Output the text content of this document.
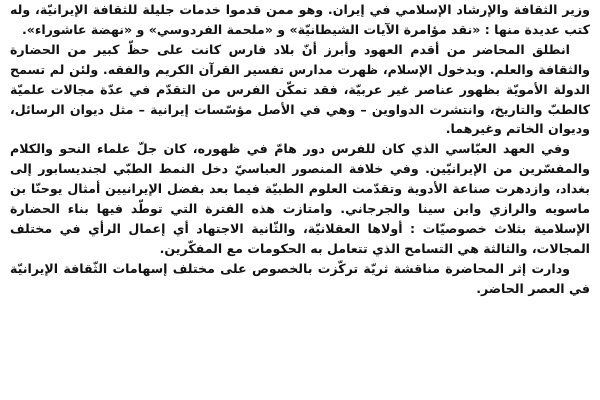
وزير الثقافة والإرشاد الإسلامي في إيران. وهو ممن قدموا خدمات جليلة للثقافة الإيرانيّة، وله كتب عديدة منها : «نقد مؤامرة الآيات الشيطانيّة» و «ملحمة الفردوسي» و «نهضة عاشوراء».

انطلق المحاضر من أقدم العهود وأبرز أنّ بلاد فارس كانت على حظّ كبير من الحضارة والثقافة والعلم. وبدخول الإسلام، ظهرت مدارس تفسير القرآن الكريم والفقه. ولئن لم تسمح الدولة الأمويّة بظهور عناصر غير عربيّة، فقد تمكّن الفرس من التقدّم في عدّة مجالات علميّة كالطبّ والتاريخ، وانتشرت الدواوين – وهي في الأصل مؤسّسات إيرانية – مثل ديوان الرسائل، وديوان الخاتم وغيرهما.

وفي العهد العبّاسي الذي كان للفرس دور هامّ في ظهوره، كان جلّ علماء النحو والكلام والمفسّرين من الإيرانيّين. وفي خلافة المنصور العباسيّ دخل النمط الطبّي لجنديسابور إلى بغداد، وازدهرت صناعة الأدوية وتقدّمت العلوم الطبيّة فيما بعد بفضل الإيرانيين أمثال يوحنّا بن ماسويه والرازي وابن سينا والجرجاني. وامتازت هذه الفترة التي توطّد فيها بناء الحضارة الإسلامية بثلاث خصوصيّات : أولاها العقلانيّة، والثّانية الاجتهاد أي إعمال الرأي في مختلف المجالات، والثالثة هي التسامح الذي تتعامل به الحكومات مع المفكّرين.

ودارت إثر المحاضرة مناقشة ثريّة تركّزت بالخصوص على مختلف إسهامات الثّقافة الإيرانيّة في العصر الحاضر.
